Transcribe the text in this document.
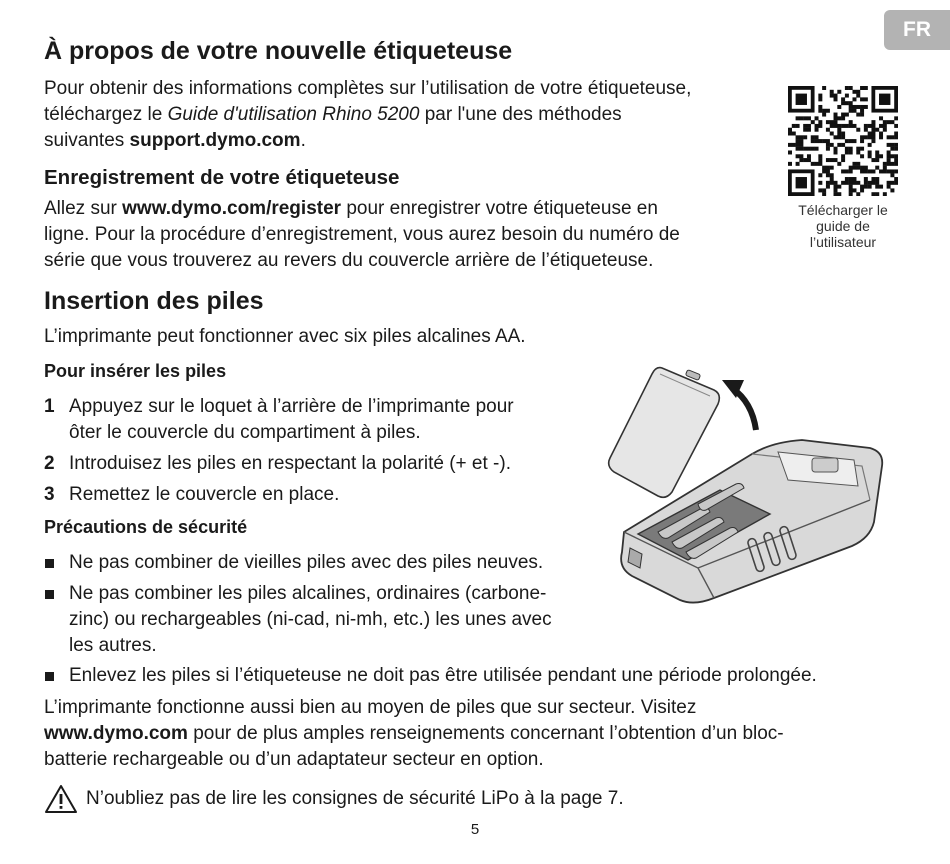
FR
À propos de votre nouvelle étiqueteuse

Pour obtenir des informations complètes sur l’utilisation de votre étiqueteuse,

téléchargez le Guide d'utilisation Rhino 5200 par l'une des méthodes

suivantes support.dymo.com.

Télécharger le
guide de
l’utilisateur
Enregistrement de votre étiqueteuse

Allez sur www.dymo.com/register pour enregistrer votre étiqueteuse en

ligne. Pour la procédure d’enregistrement, vous aurez besoin du numéro de

série que vous trouverez au revers du couvercle arrière de l’étiqueteuse.

Insertion des piles

L’imprimante peut fonctionner avec six piles alcalines AA.

Pour insérer les piles
1 Appuyez sur le loquet à l’arrière de l’imprimante pour
ôter le couvercle du compartiment à piles.
2 Introduisez les piles en respectant la polarité (+ et -).
3 Remettez le couvercle en place.
Précautions de sécurité
Ne pas combiner de vieilles piles avec des piles neuves.
Ne pas combiner les piles alcalines, ordinaires (carbone-
zinc) ou rechargeables (ni-cad, ni-mh, etc.) les unes avec
les autres.
Enlevez les piles si l’étiqueteuse ne doit pas être utilisée pendant une période prolongée.

L’imprimante fonctionne aussi bien au moyen de piles que sur secteur. Visitez

www.dymo.com pour de plus amples renseignements concernant l’obtention d’un bloc-

batterie rechargeable ou d’un adaptateur secteur en option.

N’oubliez pas de lire les consignes de sécurité LiPo à la page 7.

5
